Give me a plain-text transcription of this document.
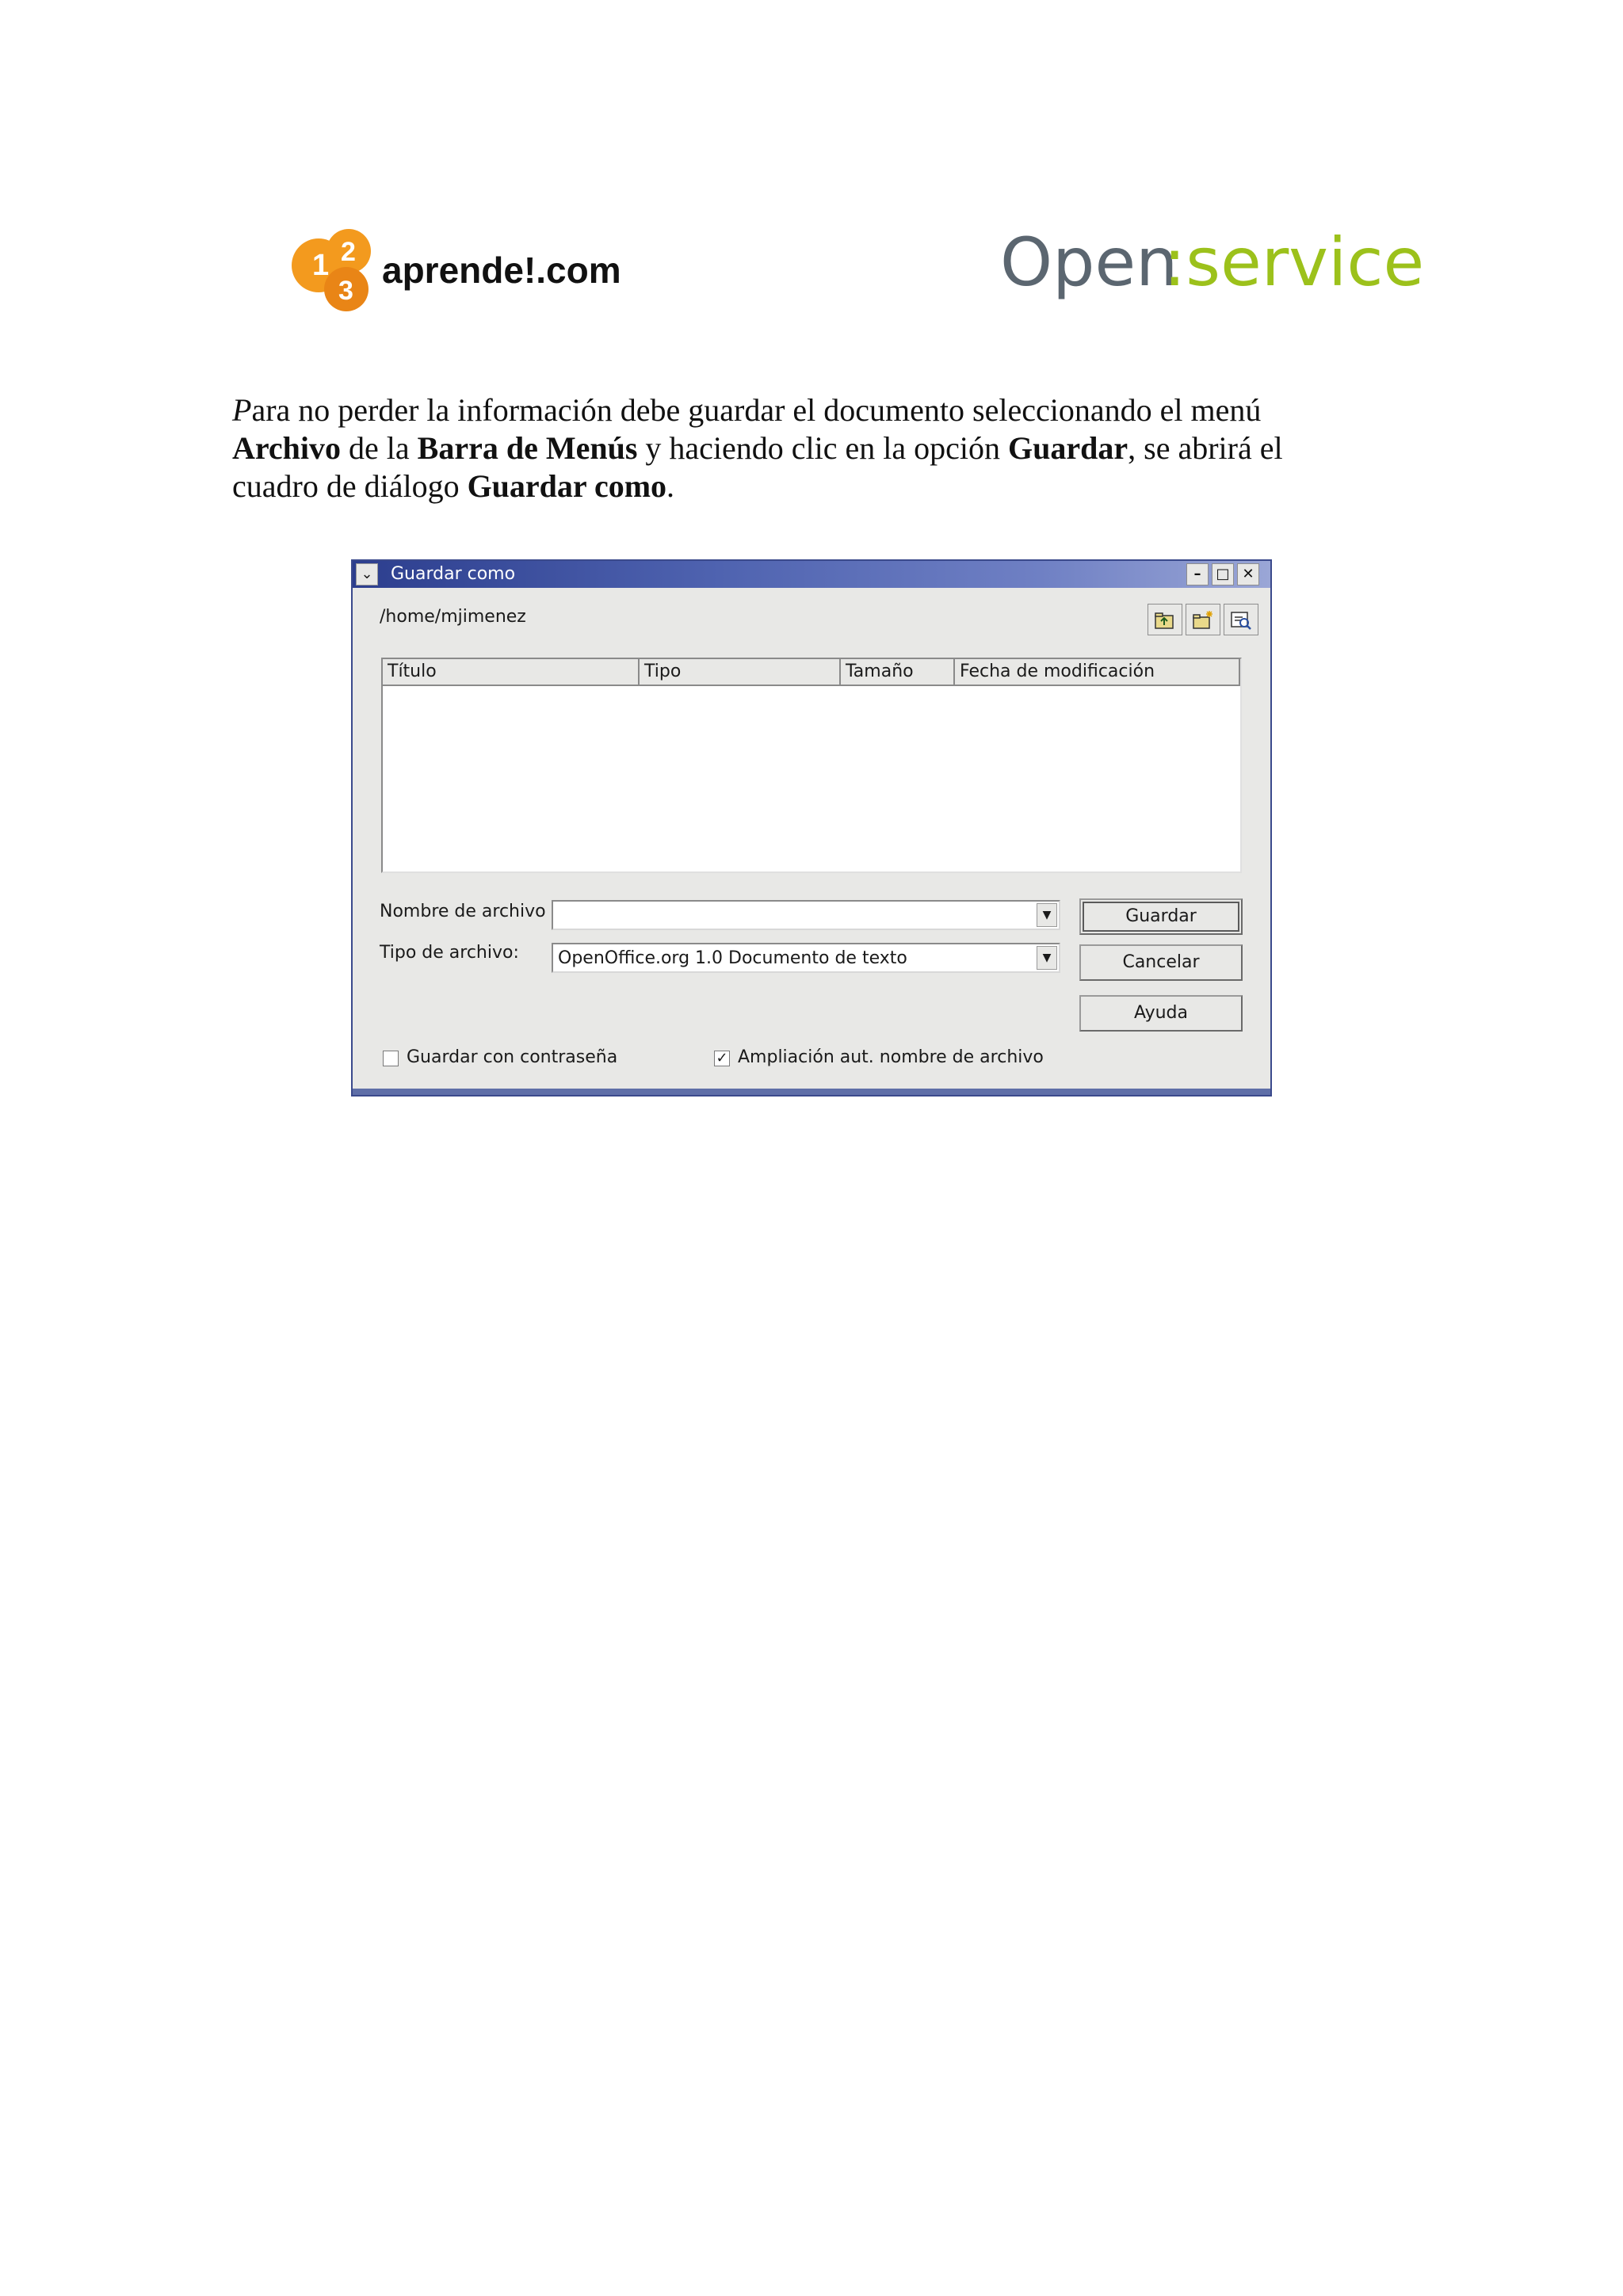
1 2
3 aprende!.com	Open
:service
Para no perder la información debe guardar el documento seleccionando el menú Archivo de la Barra de Menús y haciendo clic en la opción Guardar, se abrirá el cuadro de diálogo Guardar como.
⌄ Guardar como	–	□ ✕
/home/mjimenez
Título	Tipo	Tamaño	Fecha de modificación
Nombre de archivo	▼
Tipo de archivo: OpenOffice.org 1.0 Documento de texto	▼
Guardar
Cancelar
Ayuda
Guardar con contraseña	✓ Ampliación aut. nombre de archivo
